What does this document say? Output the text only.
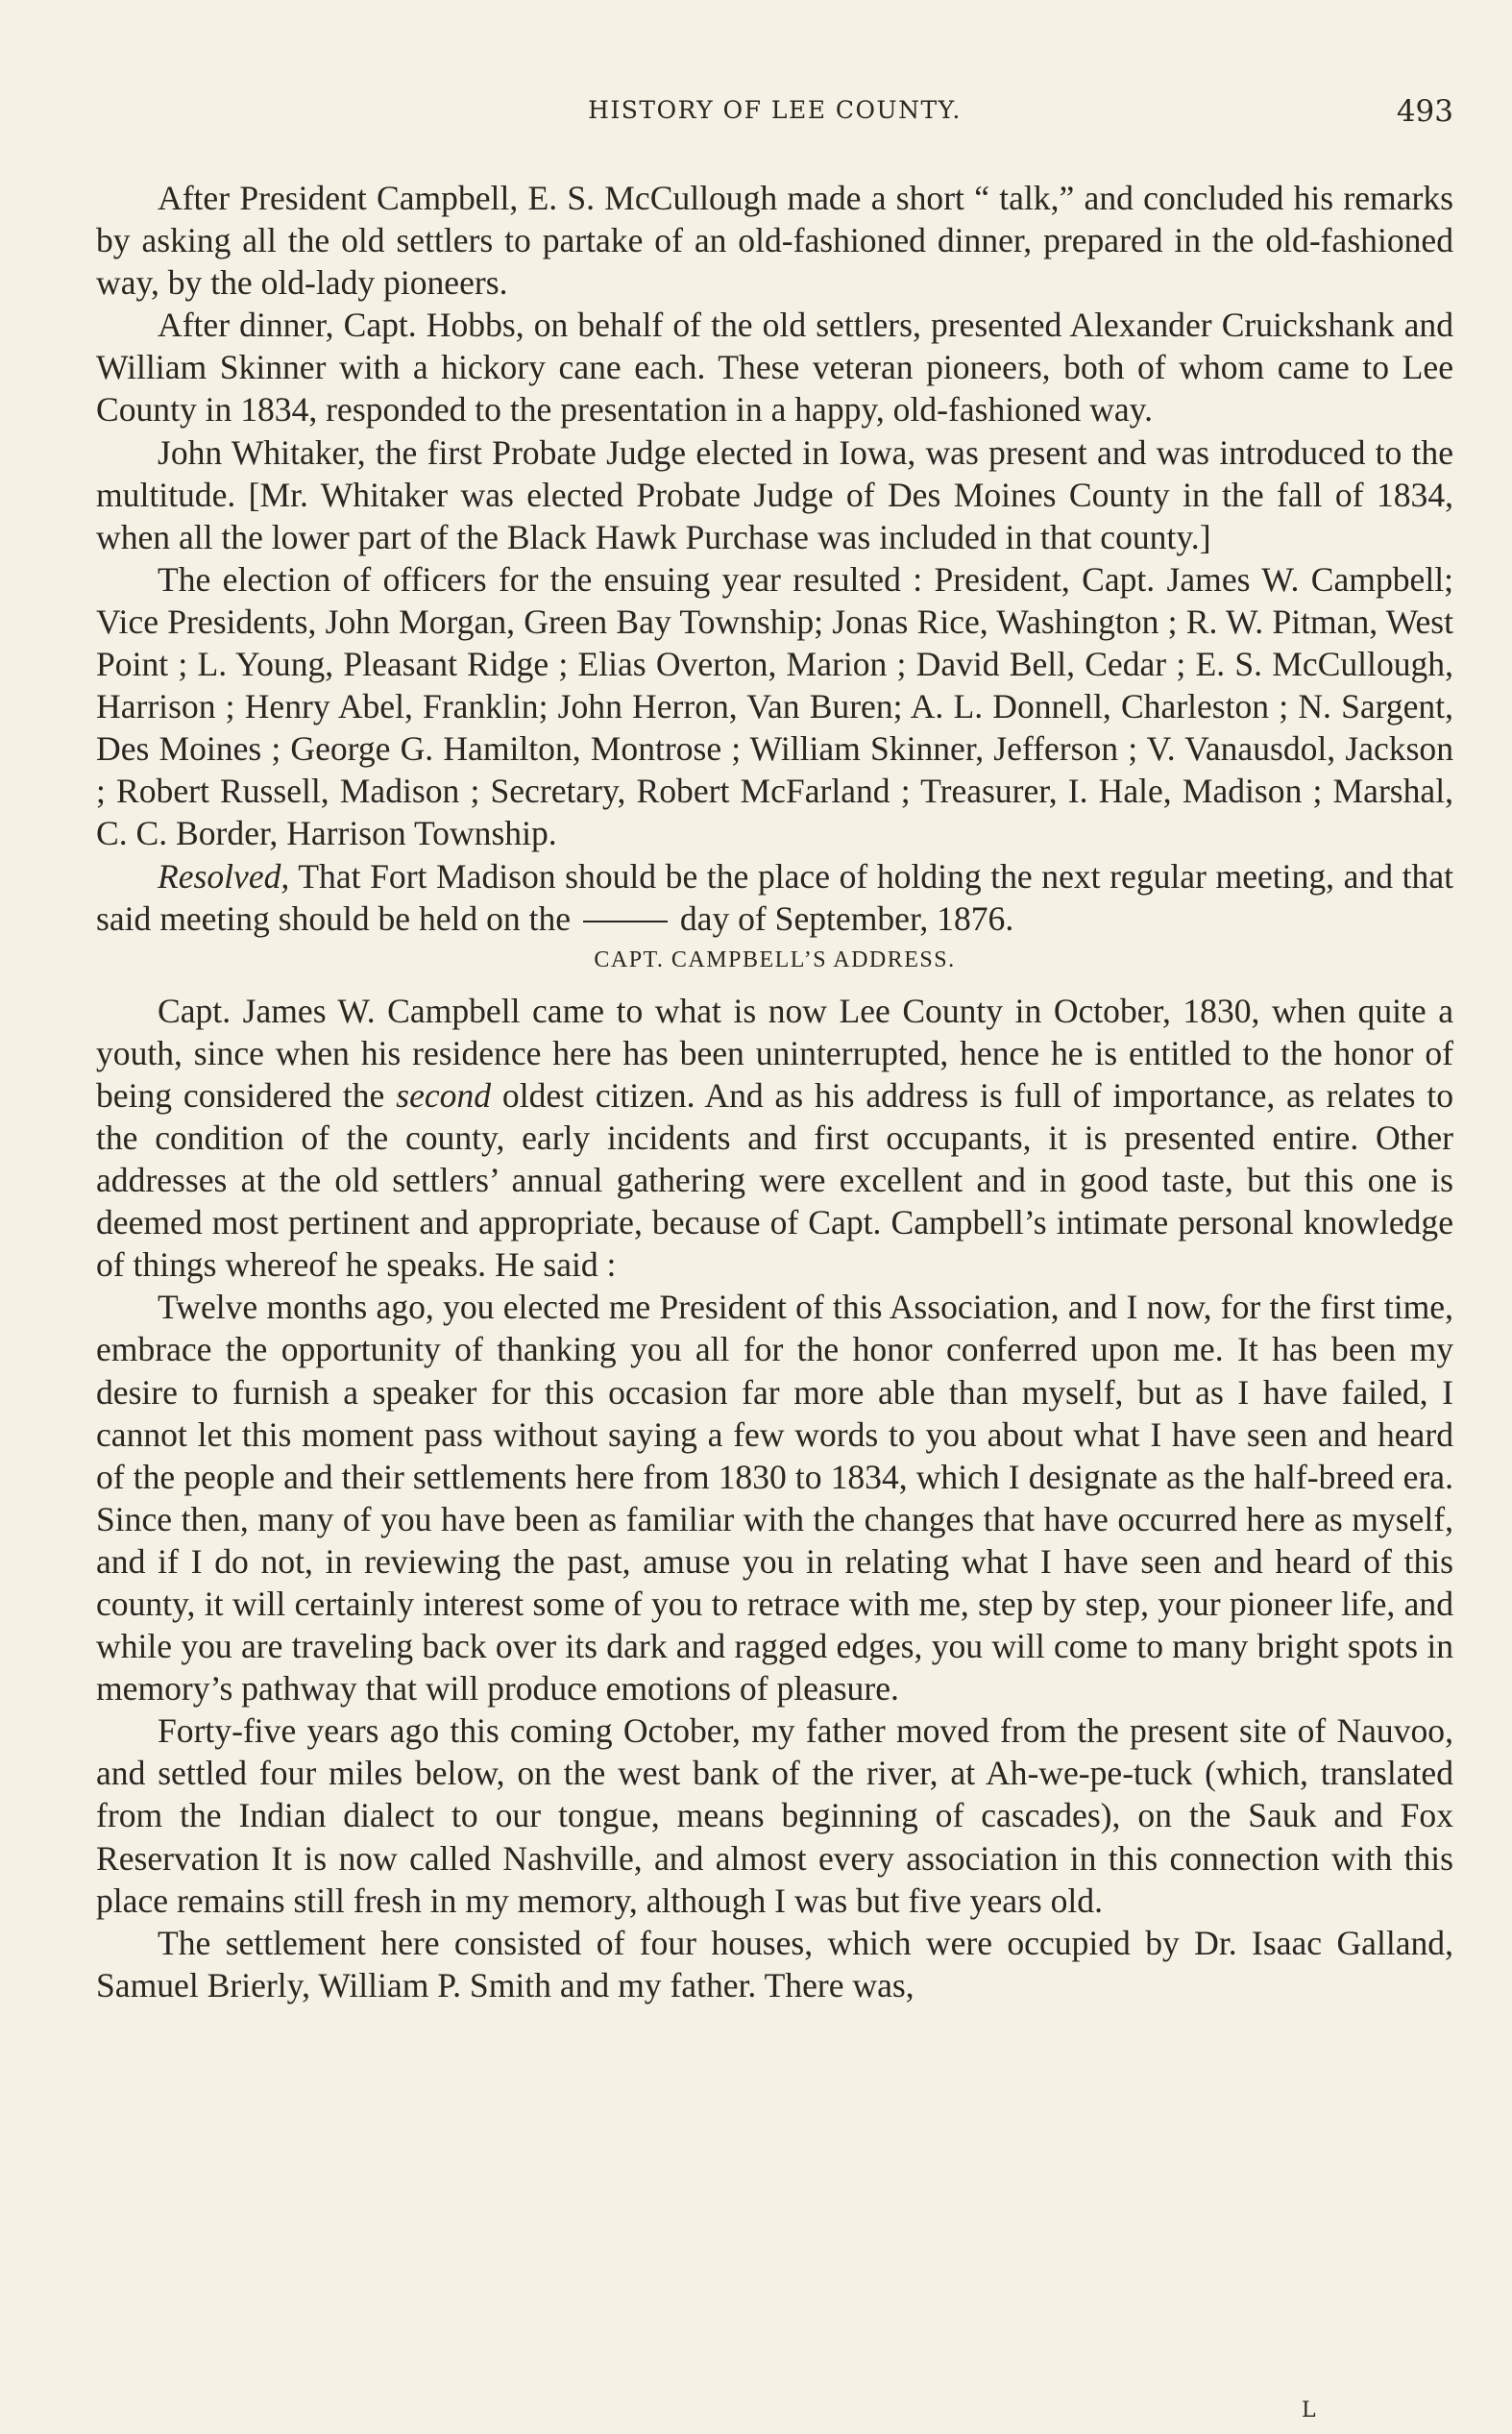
HISTORY OF LEE COUNTY.	493

After President Campbell, E. S. McCullough made a short “ talk,” and concluded his remarks by asking all the old settlers to partake of an old-fashioned dinner, prepared in the old-fashioned way, by the old-lady pioneers.

After dinner, Capt. Hobbs, on behalf of the old settlers, presented Alexander Cruickshank and William Skinner with a hickory cane each. These veteran pioneers, both of whom came to Lee County in 1834, responded to the presentation in a happy, old-fashioned way.

John Whitaker, the first Probate Judge elected in Iowa, was present and was introduced to the multitude. [Mr. Whitaker was elected Probate Judge of Des Moines County in the fall of 1834, when all the lower part of the Black Hawk Purchase was included in that county.]

The election of officers for the ensuing year resulted : President, Capt. James W. Campbell; Vice Presidents, John Morgan, Green Bay Township; Jonas Rice, Washington ; R. W. Pitman, West Point ; L. Young, Pleasant Ridge ; Elias Overton, Marion ; David Bell, Cedar ; E. S. McCullough, Harrison ; Henry Abel, Franklin; John Herron, Van Buren; A. L. Donnell, Charleston ; N. Sargent, Des Moines ; George G. Hamilton, Montrose ; William Skinner, Jefferson ; V. Vanausdol, Jackson ; Robert Russell, Madison ; Secretary, Robert McFarland ; Treasurer, I. Hale, Madison ; Marshal, C. C. Border, Harrison Township.

Resolved, That Fort Madison should be the place of holding the next regular meeting, and that said meeting should be held on the	day of September, 1876.

CAPT. CAMPBELL’S ADDRESS.

Capt. James W. Campbell came to what is now Lee County in October, 1830, when quite a youth, since when his residence here has been uninterrupted, hence he is entitled to the honor of being considered the second oldest citizen. And as his address is full of importance, as relates to the condition of the county, early incidents and first occupants, it is presented entire. Other addresses at the old settlers’ annual gathering were excellent and in good taste, but this one is deemed most pertinent and appropriate, because of Capt. Campbell’s intimate personal knowledge of things whereof he speaks. He said :

Twelve months ago, you elected me President of this Association, and I now, for the first time, embrace the opportunity of thanking you all for the honor conferred upon me. It has been my desire to furnish a speaker for this occasion far more able than myself, but as I have failed, I cannot let this moment pass without saying a few words to you about what I have seen and heard of the people and their settlements here from 1830 to 1834, which I designate as the half-breed era. Since then, many of you have been as familiar with the changes that have occurred here as myself, and if I do not, in reviewing the past, amuse you in relating what I have seen and heard of this county, it will certainly interest some of you to retrace with me, step by step, your pioneer life, and while you are traveling back over its dark and ragged edges, you will come to many bright spots in memory’s pathway that will produce emotions of pleasure.

Forty-five years ago this coming October, my father moved from the present site of Nauvoo, and settled four miles below, on the west bank of the river, at Ah-we-pe-tuck (which, translated from the Indian dialect to our tongue, means beginning of cascades), on the Sauk and Fox Reservation It is now called Nashville, and almost every association in this connection with this place remains still fresh in my memory, although I was but five years old.

The settlement here consisted of four houses, which were occupied by Dr. Isaac Galland, Samuel Brierly, William P. Smith and my father. There was,

L
